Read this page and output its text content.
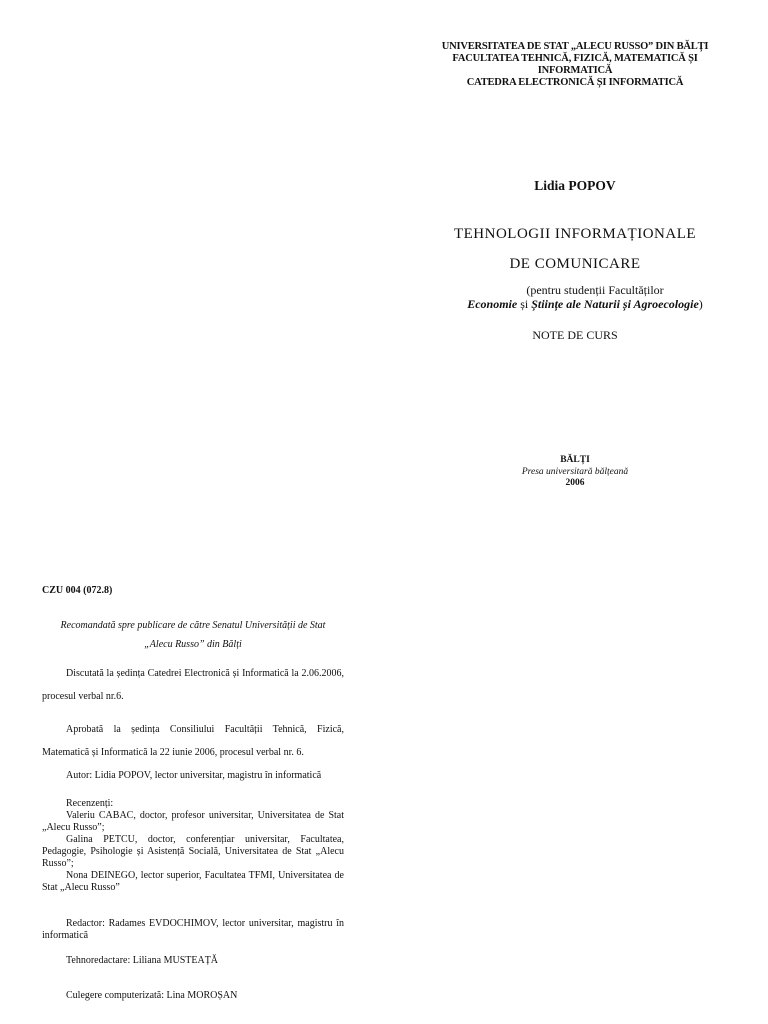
UNIVERSITATEA DE STAT „ALECU RUSSO” DIN BĂLȚI
FACULTATEA TEHNICĂ, FIZICĂ, MATEMATICĂ ȘI
INFORMATICĂ
CATEDRA ELECTRONICĂ ȘI INFORMATICĂ
Lidia POPOV
TEHNOLOGII INFORMAȚIONALE
DE COMUNICARE
(pentru studenții Facultăților
Economie și Științe ale Naturii și Agroecologie)
NOTE DE CURS
BĂLȚI
Presa universitară bălțeană
2006
CZU 004 (072.8)
Recomandată spre publicare de către Senatul Universității de Stat
„Alecu Russo” din Bălți
Discutată la ședința Catedrei Electronică și Informatică la 2.06.2006, procesul verbal nr.6.
Aprobată la ședința Consiliului Facultății Tehnică, Fizică, Matematică și Informatică la 22 iunie 2006, procesul verbal nr. 6.
Autor: Lidia POPOV, lector universitar, magistru în informatică
Recenzenți:
Valeriu CABAC, doctor, profesor universitar, Universitatea de Stat „Alecu Russo”;
Galina PETCU, doctor, conferențiar universitar, Facultatea, Pedagogie, Psihologie și Asistență Socială, Universitatea de Stat „Alecu Russo”;
Nona DEINEGO, lector superior, Facultatea TFMI, Universitatea de Stat „Alecu Russo”
Redactor: Radames EVDOCHIMOV, lector universitar, magistru în informatică
Tehnoredactare: Liliana MUSTEAȚĂ
Culegere computerizată: Lina MOROȘAN
